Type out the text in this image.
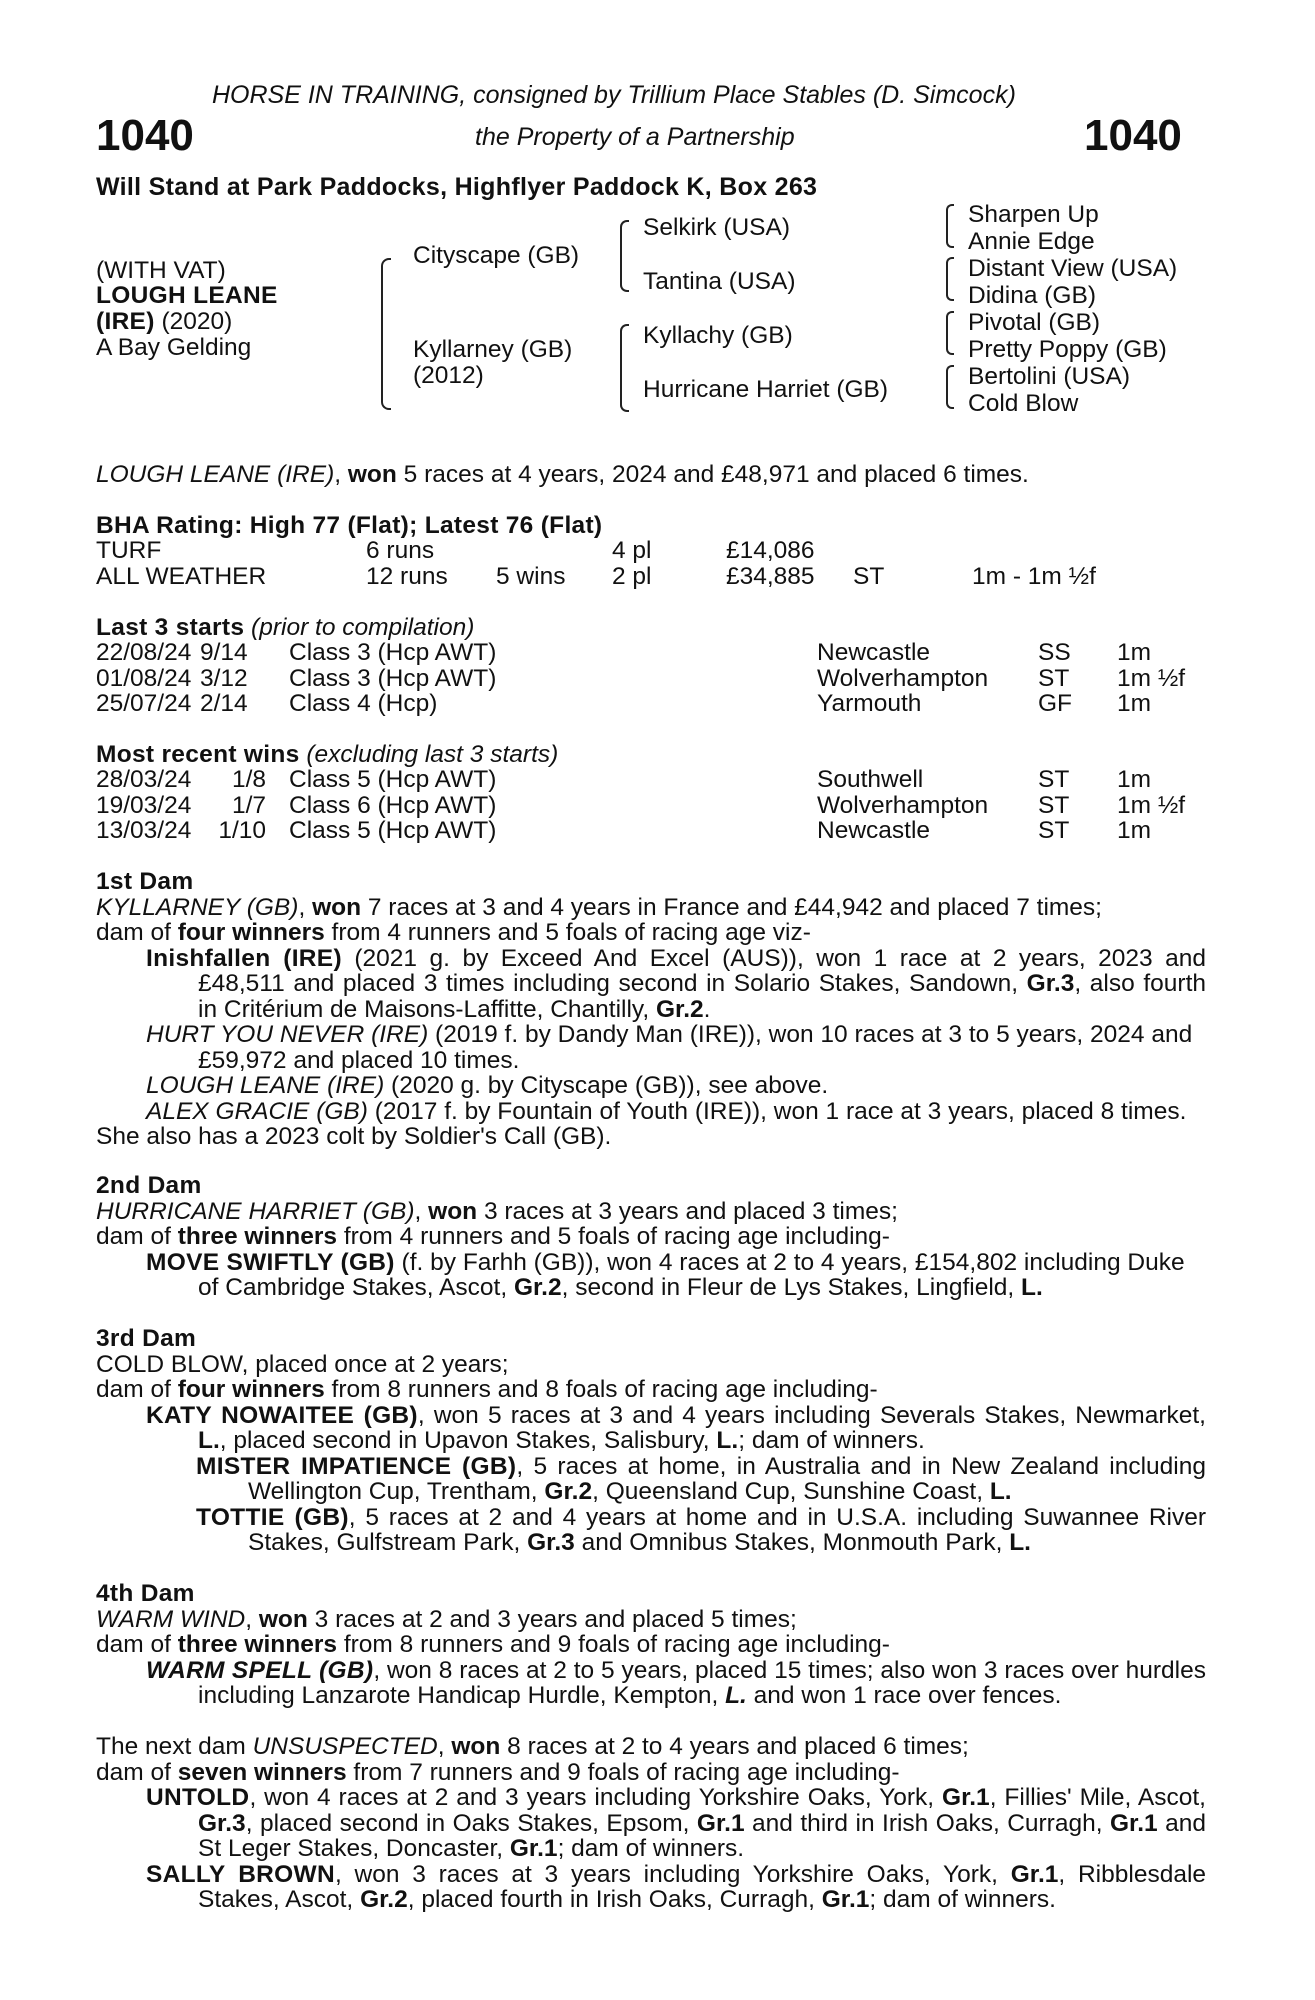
HORSE IN TRAINING, consigned by Trillium Place Stables (D. Simcock)
1040	the Property of a Partnership	1040
Will Stand at Park Paddocks, Highflyer Paddock K, Box 263
(WITH VAT)
LOUGH LEANE
(IRE) (2020)
A Bay Gelding
Cityscape (GB)
Kyllarney (GB)
(2012)
Selkirk (USA)
Tantina (USA)
Kyllachy (GB)
Hurricane Harriet (GB)
Sharpen Up
Annie Edge
Distant View (USA)
Didina (GB)
Pivotal (GB)
Pretty Poppy (GB)
Bertolini (USA)
Cold Blow
LOUGH LEANE (IRE), won 5 races at 4 years, 2024 and £48,971 and placed 6 times.
BHA Rating: High 77 (Flat); Latest 76 (Flat)
TURF	6 runs	4 pl	£14,086
ALL WEATHER	12 runs 5 wins 2 pl	£34,885 ST	1m - 1m ½f
Last 3 starts (prior to compilation)
22/08/24 9/14 Class 3 (Hcp AWT)	Newcastle	SS 1m
01/08/24 3/12 Class 3 (Hcp AWT)	Wolverhampton ST 1m ½f
25/07/24 2/14 Class 4 (Hcp)	Yarmouth	GF 1m
Most recent wins (excluding last 3 starts)
28/03/24	1/8 Class 5 (Hcp AWT)	Southwell	ST 1m
19/03/24	1/7 Class 6 (Hcp AWT)	Wolverhampton ST 1m ½f
13/03/24	1/10 Class 5 (Hcp AWT)	Newcastle	ST 1m

1st Dam

KYLLARNEY (GB), won 7 races at 3 and 4 years in France and £44,942 and placed 7 times;

dam of four winners from 4 runners and 5 foals of racing age viz-

Inishfallen (IRE) (2021 g. by Exceed And Excel (AUS)), won 1 race at 2 years, 2023 and £48,511 and placed 3 times including second in Solario Stakes, Sandown, Gr.3, also fourth in Critérium de Maisons-Laffitte, Chantilly, Gr.2.

HURT YOU NEVER (IRE) (2019 f. by Dandy Man (IRE)), won 10 races at 3 to 5 years, 2024 and £59,972 and placed 10 times.

LOUGH LEANE (IRE) (2020 g. by Cityscape (GB)), see above.

ALEX GRACIE (GB) (2017 f. by Fountain of Youth (IRE)), won 1 race at 3 years, placed 8 times.

She also has a 2023 colt by Soldier's Call (GB).

2nd Dam

HURRICANE HARRIET (GB), won 3 races at 3 years and placed 3 times;

dam of three winners from 4 runners and 5 foals of racing age including-

MOVE SWIFTLY (GB) (f. by Farhh (GB)), won 4 races at 2 to 4 years, £154,802 including Duke of Cambridge Stakes, Ascot, Gr.2, second in Fleur de Lys Stakes, Lingfield, L.

3rd Dam

COLD BLOW, placed once at 2 years;

dam of four winners from 8 runners and 8 foals of racing age including-

KATY NOWAITEE (GB), won 5 races at 3 and 4 years including Severals Stakes, Newmarket, L., placed second in Upavon Stakes, Salisbury, L.; dam of winners.

MISTER IMPATIENCE (GB), 5 races at home, in Australia and in New Zealand including Wellington Cup, Trentham, Gr.2, Queensland Cup, Sunshine Coast, L.

TOTTIE (GB), 5 races at 2 and 4 years at home and in U.S.A. including Suwannee River Stakes, Gulfstream Park, Gr.3 and Omnibus Stakes, Monmouth Park, L.

4th Dam

WARM WIND, won 3 races at 2 and 3 years and placed 5 times;

dam of three winners from 8 runners and 9 foals of racing age including-

WARM SPELL (GB), won 8 races at 2 to 5 years, placed 15 times; also won 3 races over hurdles including Lanzarote Handicap Hurdle, Kempton, L. and won 1 race over fences.

The next dam UNSUSPECTED, won 8 races at 2 to 4 years and placed 6 times;

dam of seven winners from 7 runners and 9 foals of racing age including-

UNTOLD, won 4 races at 2 and 3 years including Yorkshire Oaks, York, Gr.1, Fillies' Mile, Ascot, Gr.3, placed second in Oaks Stakes, Epsom, Gr.1 and third in Irish Oaks, Curragh, Gr.1 and St Leger Stakes, Doncaster, Gr.1; dam of winners.

SALLY BROWN, won 3 races at 3 years including Yorkshire Oaks, York, Gr.1, Ribblesdale Stakes, Ascot, Gr.2, placed fourth in Irish Oaks, Curragh, Gr.1; dam of winners.
